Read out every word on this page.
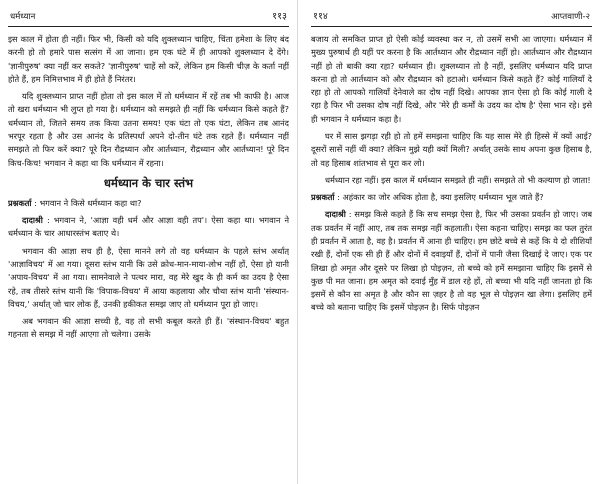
धर्मध्यान	११३

इस काल में होता ही नहीं। फिर भी, किसी को यदि शुक्लध्यान चाहिए, चिंता हमेशा के लिए बंद करनी हो तो हमारे पास सत्संग में आ जाना। हम एक घंटे में ही आपको शुक्लध्यान दे देंगे। 'ज्ञानीपुरुष' क्या नहीं कर सकते? 'ज्ञानीपुरुष' चाहें सो करें, लेकिन हम किसी चीज़ के कर्ता नहीं होते हैं, हम निमित्तभाव में ही होते हैं निरंतर।

यदि शुक्लध्यान प्राप्त नहीं होता तो इस काल में तो धर्मध्यान में रहें तब भी काफी है। आज तो खरा धर्मध्यान भी लुप्त हो गया है। धर्मध्यान को समझते ही नहीं कि धर्मध्यान किसे कहते हैं? धर्मध्यान तो, जितने समय तक किया उतना समय! एक घंटा तो एक घंटा, लेकिन तब आनंद भरपूर रहता है और उस आनंद के प्रतिस्पर्धा अपने दो-तीन घंटे तक रहते हैं। धर्मध्यान नहीं समझते तो फिर करें क्या? पूरे दिन रौद्रध्यान और आर्तध्यान, रौद्रध्यान और आर्तध्यान! पूरे दिन किच-किच! भगवान ने कहा था कि धर्मध्यान में रहना।

धर्मध्यान के चार स्तंभ

प्रश्नकर्ता : भगवान ने किसे धर्मध्यान कहा था?

दादाश्री : भगवान ने, 'आज्ञा वही धर्म और आज्ञा वही तप'। ऐसा कहा था। भगवान ने धर्मध्यान के चार आधारस्तंभ बताए थे।

भगवान की आज्ञा सच ही है, ऐसा मानने लगे तो वह धर्मध्यान के पहले स्तंभ अर्थात् 'आज्ञाविचय' में आ गया। दूसरा स्तंभ यानी कि उसे क्रोध-मान-माया-लोभ नहीं हों, ऐसा हो यानी 'अपाय-विचय' में आ गया। सामनेवाले ने पत्थर मारा, वह मेरे खुद के ही कर्म का उदय है ऐसा रहे, तब तीसरे स्तंभ यानी कि 'विपाक-विचय' में आया कहलाया और चौथा स्तंभ यानी 'संस्थान-विचय,' अर्थात् जो चार लोक हैं, उनकी हकीकत समझ जाए तो धर्मध्यान पूरा हो जाए।

अब भगवान की आज्ञा सच्ची है, वह तो सभी कबूल करते ही हैं। 'संस्थान-विचय' बहुत गहनता से समझ में नहीं आएगा तो चलेगा। उसके

११४	आप्तवाणी-२

बजाय तो समकित प्राप्त हो ऐसी कोई व्यवस्था कर न, तो उसमें सभी आ जाएगा। धर्मध्यान में मुख्य पुरुषार्थ ही यहीं पर करना है कि आर्तध्यान और रौद्रध्यान नहीं हो। आर्तध्यान और रौद्रध्यान नहीं हो तो बाकी क्या रहा? धर्मध्यान ही। शुक्लध्यान तो है नहीं, इसलिए धर्मध्यान यदि प्राप्त करना हो तो आर्तध्यान को और रौद्रध्यान को हटाओ। धर्मध्यान किसे कहते हैं? कोई गालियाँ दे रहा हो तो आपको गालियाँ देनेवाले का दोष नहीं दिखे। आपका ज्ञान ऐसा हो कि कोई गाली दे रहा है फिर भी उसका दोष नहीं दिखे, और 'मेरे ही कर्मों के उदय का दोष है' ऐसा भान रहे। इसे ही भगवान ने धर्मध्यान कहा है।

घर में सास झगड़ा रही हो तो हमें समझना चाहिए कि यह सास मेरे ही हिस्से में क्यों आई? दूसरों सासें नहीं थीं क्या? लेकिन मुझे यही क्यों मिली? अर्थात् उसके साथ अपना कुछ हिसाब है, तो वह हिसाब शांतभाव से पूरा कर लो।

धर्मध्यान रहा नहीं। इस काल में धर्मध्यान समझते ही नहीं। समझते तो भी कल्याण हो जाता!

प्रश्नकर्ता : अहंकार का जोर अधिक होता है, क्या इसलिए धर्मध्यान भूल जाते हैं?

दादाश्री : समझ किसे कहते हैं कि सच समझ ऐसा है, फिर भी उसका प्रवर्तन हो जाए। जब तक प्रवर्तन में नहीं आए, तब तक समझ नहीं कहलाती। ऐसा कहना चाहिए। समझ का फल तुरंत ही प्रवर्तन में आता है, वह है। प्रवर्तन में आना ही चाहिए। हम छोटे बच्चे से कहें कि ये दो शीशियाँ रखी हैं, दोनों एक सी ही हैं और दोनों में दवाइयाँ हैं, दोनों में पानी जैसा दिखाई दे जाए। एक पर लिखा हो अमृत और दूसरे पर लिखा हो पोइज़न, तो बच्चे को हमें समझाना चाहिए कि इसमें से कुछ पी मत जाना। हम अमृत को दवाई मुँह में डाल रहे हों, तो बच्चा भी यदि नहीं जानता हो कि इसमें से कौन सा अमृत है और कौन सा ज़हर है तो वह भूल से पोइज़न खा लेगा। इसलिए हमें बच्चे को बताना चाहिए कि इसमें पोइज़न है। सिर्फ पोइज़न
